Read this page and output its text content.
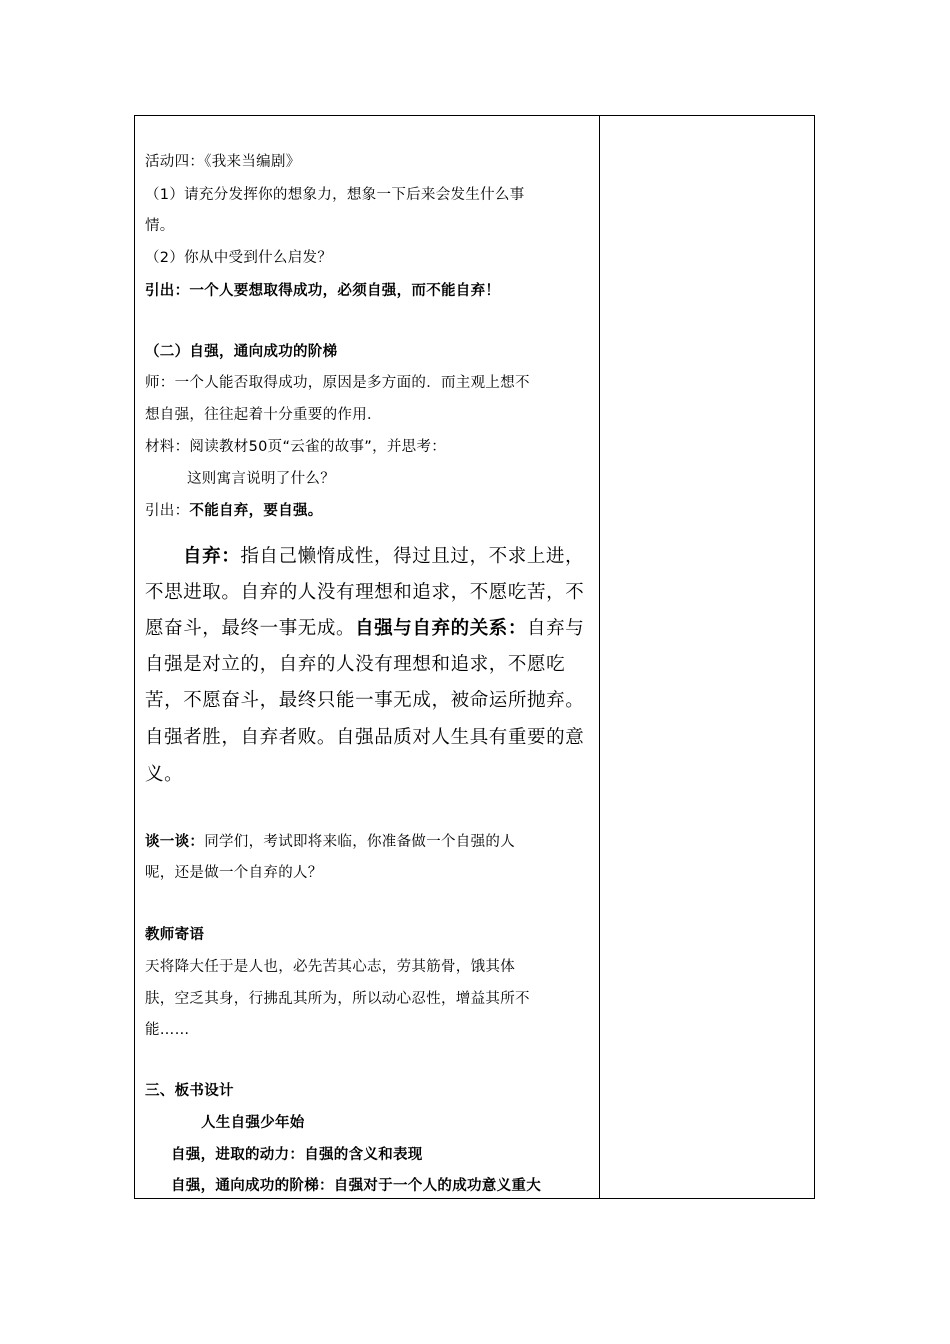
活动四：《我来当编剧》
（1）请充分发挥你的想象力，想象一下后来会发生什么事
情。
（2）你从中受到什么启发？
引出：一个人要想取得成功，必须自强，而不能自弃！
（二）自强，通向成功的阶梯
师：一个人能否取得成功，原因是多方面的．而主观上想不
想自强，往往起着十分重要的作用．
材料：阅读教材50页“云雀的故事”，并思考：
这则寓言说明了什么？
引出：不能自弃，要自强。
自弃：指自己懒惰成性，得过且过，不求上进，
不思进取。自弃的人没有理想和追求，不愿吃苦，不
愿奋斗，最终一事无成。自强与自弃的关系：自弃与
自强是对立的，自弃的人没有理想和追求，不愿吃
苦，不愿奋斗，最终只能一事无成，被命运所抛弃。
自强者胜，自弃者败。自强品质对人生具有重要的意
义。
谈一谈：同学们，考试即将来临，你准备做一个自强的人
呢，还是做一个自弃的人？
教师寄语
天将降大任于是人也，必先苦其心志，劳其筋骨，饿其体
肤，空乏其身，行拂乱其所为，所以动心忍性，增益其所不
能……
三、板书设计
人生自强少年始
自强，进取的动力：自强的含义和表现
自强，通向成功的阶梯：自强对于一个人的成功意义重大
